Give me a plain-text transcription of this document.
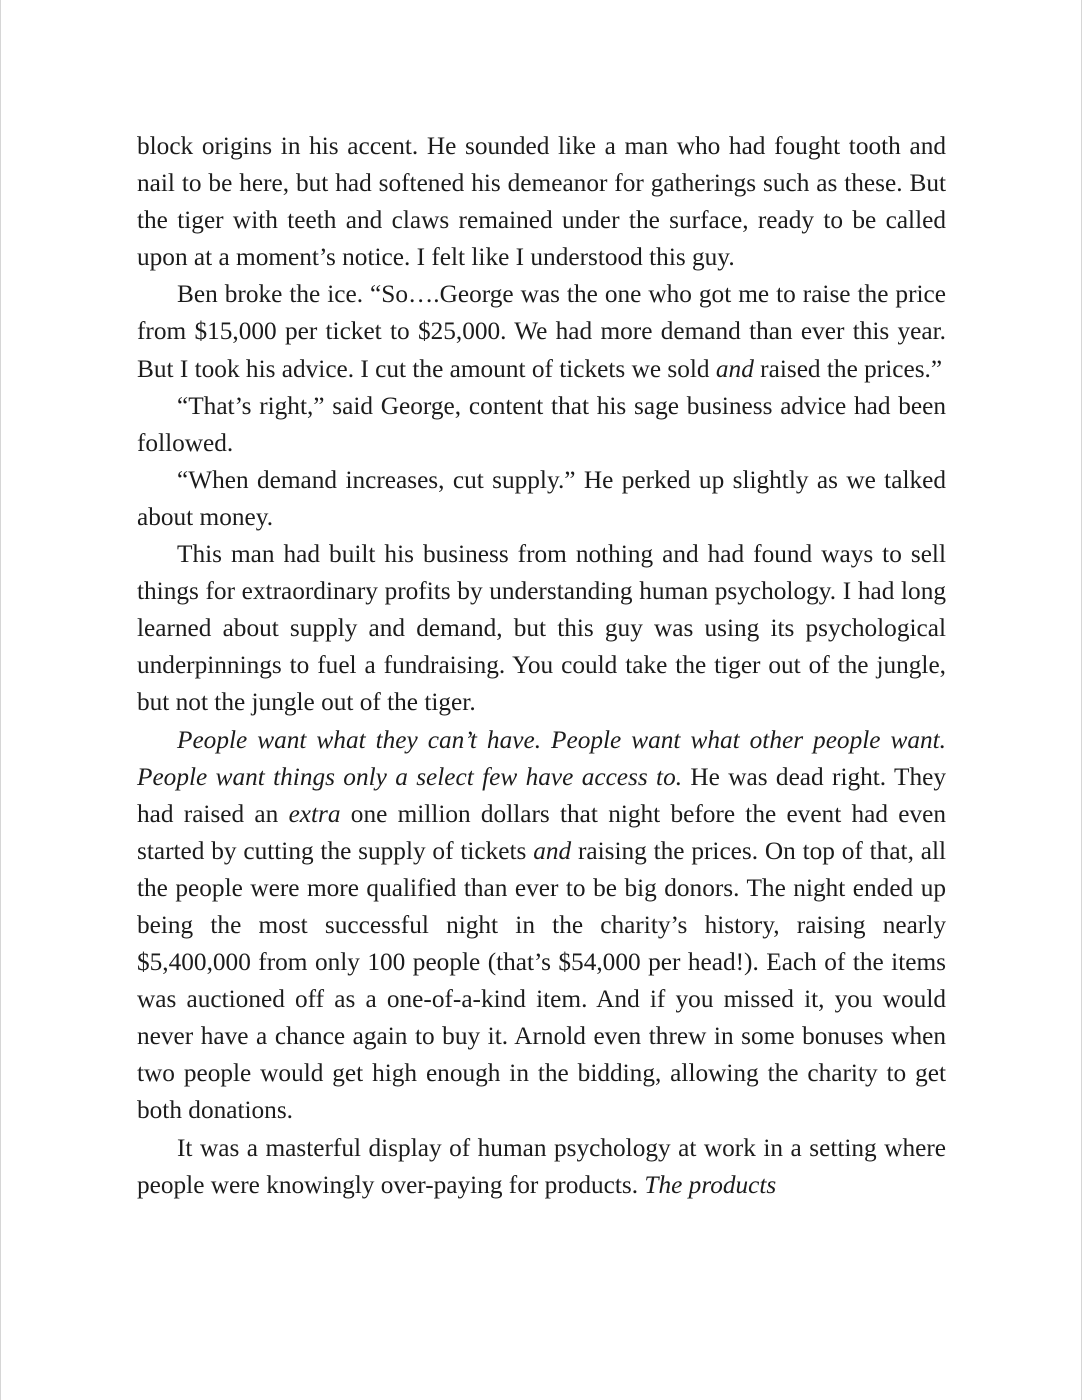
block origins in his accent. He sounded like a man who had fought tooth and nail to be here, but had softened his demeanor for gatherings such as these. But the tiger with teeth and claws remained under the surface, ready to be called upon at a moment’s notice. I felt like I understood this guy.

Ben broke the ice. “So….George was the one who got me to raise the price from $15,000 per ticket to $25,000. We had more demand than ever this year. But I took his advice. I cut the amount of tickets we sold and raised the prices.”

“That’s right,” said George, content that his sage business advice had been followed.

“When demand increases, cut supply.” He perked up slightly as we talked about money.

This man had built his business from nothing and had found ways to sell things for extraordinary profits by understanding human psychology. I had long learned about supply and demand, but this guy was using its psychological underpinnings to fuel a fundraising. You could take the tiger out of the jungle, but not the jungle out of the tiger.

People want what they can’t have. People want what other people want. People want things only a select few have access to. He was dead right. They had raised an extra one million dollars that night before the event had even started by cutting the supply of tickets and raising the prices. On top of that, all the people were more qualified than ever to be big donors. The night ended up being the most successful night in the charity’s history, raising nearly $5,400,000 from only 100 people (that’s $54,000 per head!). Each of the items was auctioned off as a one-of-a-kind item. And if you missed it, you would never have a chance again to buy it. Arnold even threw in some bonuses when two people would get high enough in the bidding, allowing the charity to get both donations.

It was a masterful display of human psychology at work in a setting where people were knowingly over-paying for products. The products
